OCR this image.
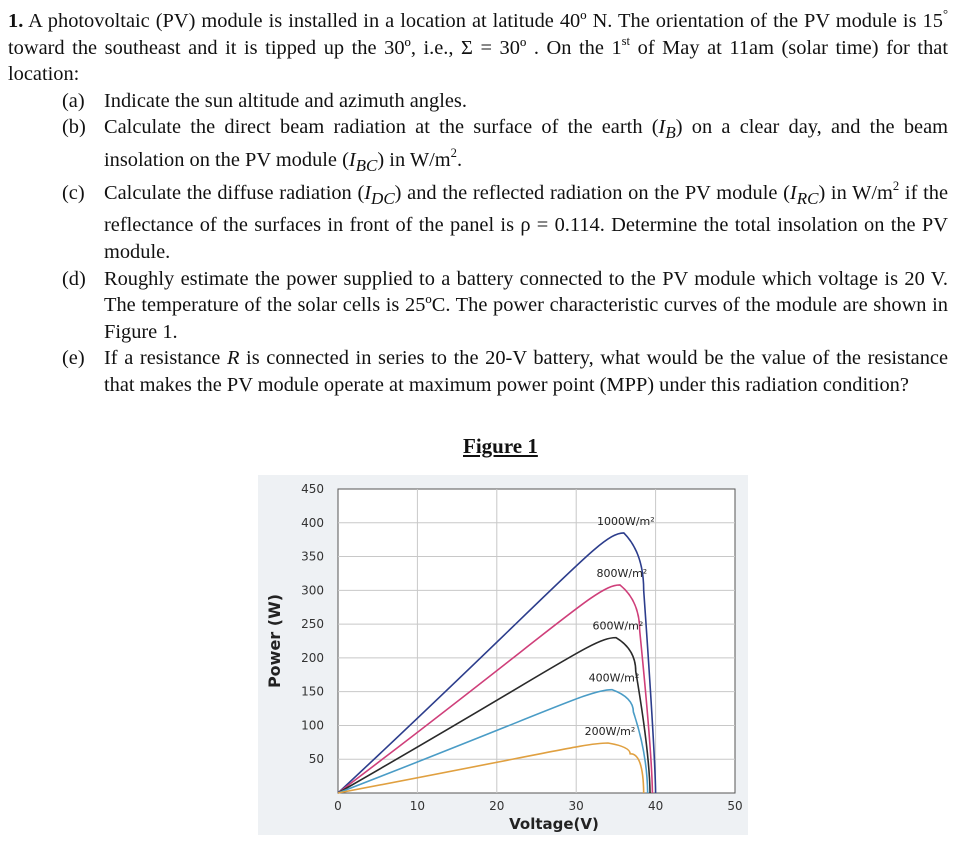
1. A photovoltaic (PV) module is installed in a location at latitude 40º N. The orientation of the PV module is 15° toward the southeast and it is tipped up the 30º, i.e., Σ = 30º . On the 1st of May at 11am (solar time) for that location:

(a) Indicate the sun altitude and azimuth angles.
(b) Calculate the direct beam radiation at the surface of the earth $(I_B)$ on a clear day, and the beam insolation on the PV module $(I_{BC})$ in $W/m^2$.
(c) Calculate the diffuse radiation $(I_{DC})$ and the reflected radiation on the PV module $(I_{RC})$ in $W/m^2$ if the reflectance of the surfaces in front of the panel is ρ = 0.114. Determine the total insolation on the PV module.
(d) Roughly estimate the power supplied to a battery connected to the PV module which voltage is 20 V. The temperature of the solar cells is 25ºC. The power characteristic curves of the module are shown in Figure 1.
(e) If a resistance R is connected in series to the 20-V battery, what would be the value of the resistance that makes the PV module operate at maximum power point (MPP) under this radiation condition?
Figure 1
0	10	20	30	40	50
50
100
150
200
250
300
350
400
450
1000W/m²
800W/m²
600W/m²
400W/m²
200W/m²
Power (W)
Voltage(V)
